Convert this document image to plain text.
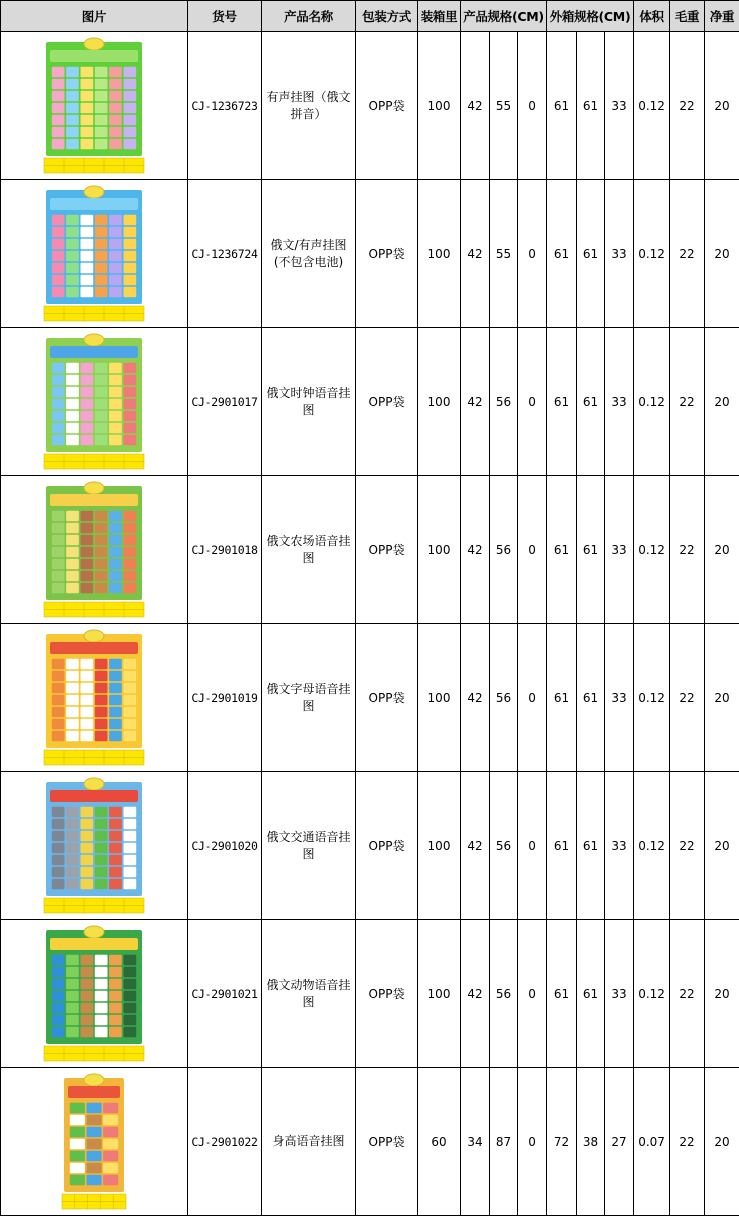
图片	货号	产品名称	包装方式	装箱里	产品规格(CM)			外箱规格(CM)			体积	毛重	净重

	CJ-1236723	有声挂图（俄文拼音）	OPP袋	100	42	55	0	61	61	33	0.12	22	20

	CJ-1236724	俄文/有声挂图(不包含电池)	OPP袋	100	42	55	0	61	61	33	0.12	22	20

	CJ-2901017	俄文时钟语音挂图	OPP袋	100	42	56	0	61	61	33	0.12	22	20

	CJ-2901018	俄文农场语音挂图	OPP袋	100	42	56	0	61	61	33	0.12	22	20

	CJ-2901019	俄文字母语音挂图	OPP袋	100	42	56	0	61	61	33	0.12	22	20

	CJ-2901020	俄文交通语音挂图	OPP袋	100	42	56	0	61	61	33	0.12	22	20

	CJ-2901021	俄文动物语音挂图	OPP袋	100	42	56	0	61	61	33	0.12	22	20

	CJ-2901022	身高语音挂图	OPP袋	60	34	87	0	72	38	27	0.07	22	20
